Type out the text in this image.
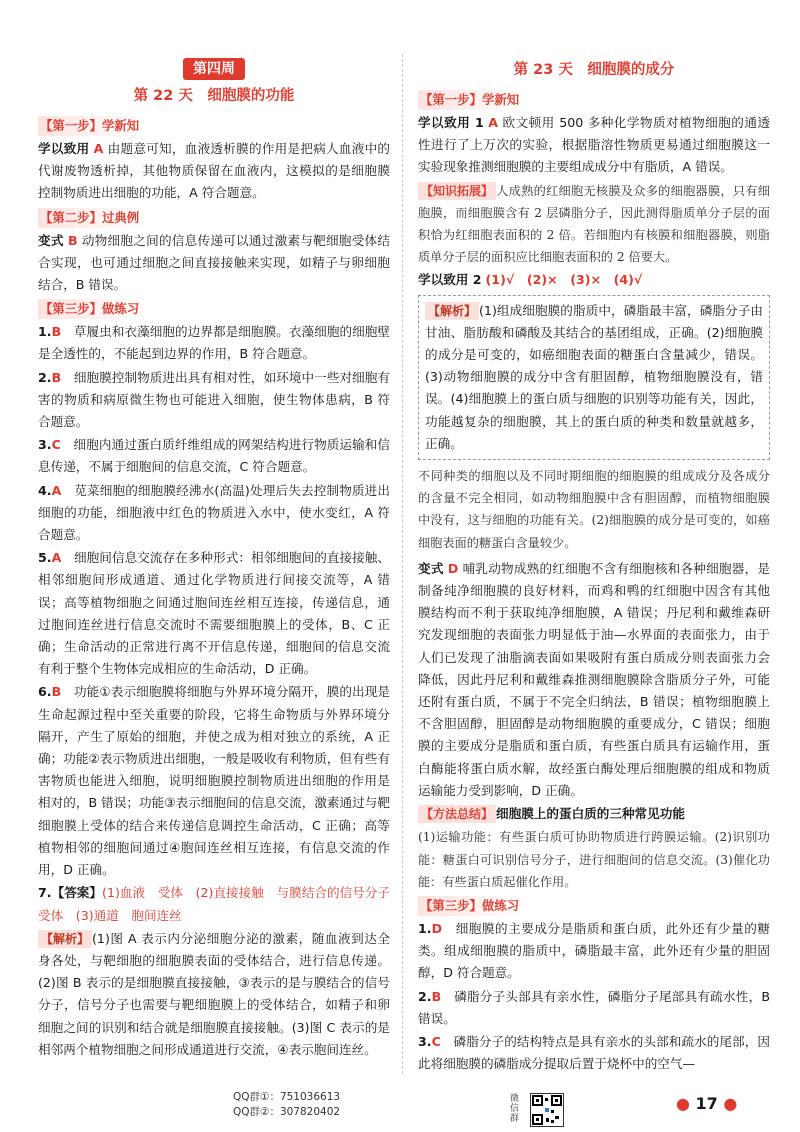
第四周
第 22 天　细胞膜的功能
【第一步】学新知
学以致用 A 由题意可知，血液透析膜的作用是把病人血液中的代谢废物透析掉，其他物质保留在血液内，这模拟的是细胞膜控制物质进出细胞的功能，A 符合题意。
【第二步】过典例
变式 B 动物细胞之间的信息传递可以通过激素与靶细胞受体结合实现，也可通过细胞之间直接接触来实现，如精子与卵细胞结合，B 错误。
【第三步】做练习
1.B　 草履虫和衣藻细胞的边界都是细胞膜。衣藻细胞的细胞壁是全透性的，不能起到边界的作用，B 符合题意。
2.B　 细胞膜控制物质进出具有相对性，如环境中一些对细胞有害的物质和病原微生物也可能进入细胞，使生物体患病，B 符合题意。
3.C　 细胞内通过蛋白质纤维组成的网架结构进行物质运输和信息传递，不属于细胞间的信息交流，C 符合题意。
4.A　 苋菜细胞的细胞膜经沸水(高温)处理后失去控制物质进出细胞的功能，细胞液中红色的物质进入水中，使水变红，A 符合题意。
5.A　 细胞间信息交流存在多种形式：相邻细胞间的直接接触、相邻细胞间形成通道、通过化学物质进行间接交流等，A 错误；高等植物细胞之间通过胞间连丝相互连接，传递信息，通过胞间连丝进行信息交流时不需要细胞膜上的受体，B、C 正确；生命活动的正常进行离不开信息传递，细胞间的信息交流有利于整个生物体完成相应的生命活动，D 正确。
6.B　 功能①表示细胞膜将细胞与外界环境分隔开，膜的出现是生命起源过程中至关重要的阶段，它将生命物质与外界环境分隔开，产生了原始的细胞，并使之成为相对独立的系统，A 正确；功能②表示物质进出细胞，一般是吸收有利物质，但有些有害物质也能进入细胞，说明细胞膜控制物质进出细胞的作用是相对的，B 错误；功能③表示细胞间的信息交流，激素通过与靶细胞膜上受体的结合来传递信息调控生命活动，C 正确；高等植物相邻的细胞间通过④胞间连丝相互连接，有信息交流的作用，D 正确。
7.【答案】(1)血液　受体　(2)直接接触　与膜结合的信号分子　受体　(3)通道　胞间连丝
【解析】 (1)图 A 表示内分泌细胞分泌的激素，随血液到达全身各处，与靶细胞的细胞膜表面的受体结合，进行信息传递。(2)图 B 表示的是细胞膜直接接触，③表示的是与膜结合的信号分子，信号分子也需要与靶细胞膜上的受体结合，如精子和卵细胞之间的识别和结合就是细胞膜直接接触。(3)图 C 表示的是相邻两个植物细胞之间形成通道进行交流，④表示胞间连丝。
第 23 天　细胞膜的成分
【第一步】学新知
学以致用 1 A 欧文顿用 500 多种化学物质对植物细胞的通透性进行了上万次的实验，根据脂溶性物质更易通过细胞膜这一实验现象推测细胞膜的主要组成成分中有脂质，A 错误。
【知识拓展】 人成熟的红细胞无核膜及众多的细胞器膜，只有细胞膜，而细胞膜含有 2 层磷脂分子，因此测得脂质单分子层的面积恰为红细胞表面积的 2 倍。若细胞内有核膜和细胞器膜，则脂质单分子层的面积应比细胞表面积的 2 倍要大。
学以致用 2 (1)√　(2)×　(3)×　(4)√
【解析】 (1)组成细胞膜的脂质中，磷脂最丰富，磷脂分子由甘油、脂肪酸和磷酸及其结合的基团组成，正确。(2)细胞膜的成分是可变的，如癌细胞表面的糖蛋白含量减少，错误。(3)动物细胞膜的成分中含有胆固醇，植物细胞膜没有，错误。(4)细胞膜上的蛋白质与细胞的识别等功能有关，因此，功能越复杂的细胞膜，其上的蛋白质的种类和数量就越多，正确。
不同种类的细胞以及不同时期细胞的细胞膜的组成成分及各成分的含量不完全相同，如动物细胞膜中含有胆固醇，而植物细胞膜中没有，这与细胞的功能有关。(2)细胞膜的成分是可变的，如癌细胞表面的糖蛋白含量较少。
变式 D 哺乳动物成熟的红细胞不含有细胞核和各种细胞器，是制备纯净细胞膜的良好材料，而鸡和鸭的红细胞中因含有其他膜结构而不利于获取纯净细胞膜，A 错误；丹尼利和戴维森研究发现细胞的表面张力明显低于油—水界面的表面张力，由于人们已发现了油脂滴表面如果吸附有蛋白质成分则表面张力会降低，因此丹尼利和戴维森推测细胞膜除含脂质分子外，可能还附有蛋白质，不属于不完全归纳法，B 错误；植物细胞膜上不含胆固醇，胆固醇是动物细胞膜的重要成分，C 错误；细胞膜的主要成分是脂质和蛋白质，有些蛋白质具有运输作用，蛋白酶能将蛋白质水解，故经蛋白酶处理后细胞膜的组成和物质运输能力受到影响，D 正确。
【方法总结】 细胞膜上的蛋白质的三种常见功能
(1)运输功能：有些蛋白质可协助物质进行跨膜运输。(2)识别功能：糖蛋白可识别信号分子，进行细胞间的信息交流。(3)催化功能：有些蛋白质起催化作用。
【第三步】做练习
1.D　 细胞膜的主要成分是脂质和蛋白质，此外还有少量的糖类。组成细胞膜的脂质中，磷脂最丰富，此外还有少量的胆固醇，D 符合题意。
2.B　 磷脂分子头部具有亲水性，磷脂分子尾部具有疏水性，B 错误。
3.C　 磷脂分子的结构特点是具有亲水的头部和疏水的尾部，因此将细胞膜的磷脂成分提取后置于烧杯中的空气—
QQ群①：751036613
QQ群②：307820402
微信群
● 17 ●
